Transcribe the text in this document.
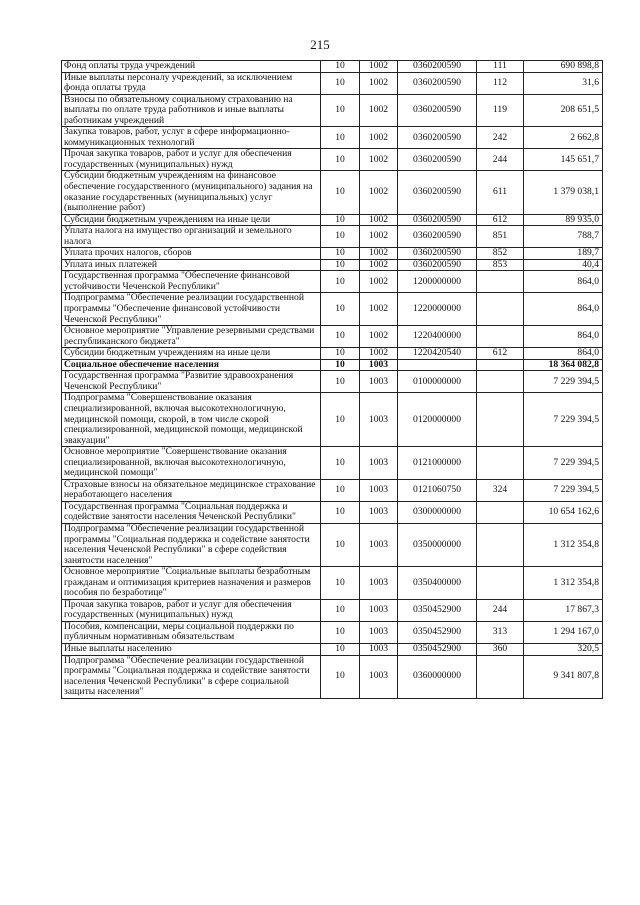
215
Фонд оплаты труда учреждений	10	1002	0360200590	111	690 898,8
Иные выплаты персоналу учреждений, за исключением фонда оплаты труда	10	1002	0360200590	112	31,6
Взносы по обязательному социальному страхованию на выплаты по оплате труда работников и иные выплаты работникам учреждений	10	1002	0360200590	119	208 651,5
Закупка товаров, работ, услуг в сфере информационно-коммуникационных технологий	10	1002	0360200590	242	2 662,8
Прочая закупка товаров, работ и услуг для обеспечения государственных (муниципальных) нужд	10	1002	0360200590	244	145 651,7
Субсидии бюджетным учреждениям на финансовое обеспечение государственного (муниципального) задания на оказание государственных (муниципальных) услуг (выполнение работ)	10	1002	0360200590	611	1 379 038,1
Субсидии бюджетным учреждениям на иные цели	10	1002	0360200590	612	89 935,0
Уплата налога на имущество организаций и земельного налога	10	1002	0360200590	851	788,7
Уплата прочих налогов, сборов	10	1002	0360200590	852	189,7
Уплата иных платежей	10	1002	0360200590	853	40,4
Государственная программа "Обеспечение финансовой устойчивости Чеченской Республики"	10	1002	1200000000		864,0
Подпрограмма "Обеспечение реализации государственной программы "Обеспечение финансовой устойчивости Чеченской Республики"	10	1002	1220000000		864,0
Основное мероприятие "Управление резервными средствами республиканского бюджета"	10	1002	1220400000		864,0
Субсидии бюджетным учреждениям на иные цели	10	1002	1220420540	612	864,0
Социальное обеспечение населения	10	1003			18 364 082,8
Государственная программа "Развитие здравоохранения Чеченской Республики"	10	1003	0100000000		7 229 394,5
Подпрограмма "Совершенствование оказания специализированной, включая высокотехнологичную, медицинской помощи, скорой, в том числе скорой специализированной, медицинской помощи, медицинской эвакуации"	10	1003	0120000000		7 229 394,5
Основное мероприятие "Совершенствование оказания специализированной, включая высокотехнологичную, медицинской помощи"	10	1003	0121000000		7 229 394,5
Страховые взносы на обязательное медицинское страхование неработающего населения	10	1003	0121060750	324	7 229 394,5
Государственная программа "Социальная поддержка и содействие занятости населения Чеченской Республики"	10	1003	0300000000		10 654 162,6
Подпрограмма "Обеспечение реализации государственной программы "Социальная поддержка и содействие занятости населения Чеченской Республики" в сфере содействия занятости населения"	10	1003	0350000000		1 312 354,8
Основное мероприятие "Социальные выплаты безработным гражданам и оптимизация критериев назначения и размеров пособия по безработице"	10	1003	0350400000		1 312 354,8
Прочая закупка товаров, работ и услуг для обеспечения государственных (муниципальных) нужд	10	1003	0350452900	244	17 867,3
Пособия, компенсации, меры социальной поддержки по публичным нормативным обязательствам	10	1003	0350452900	313	1 294 167,0
Иные выплаты населению	10	1003	0350452900	360	320,5
Подпрограмма "Обеспечение реализации государственной программы "Социальная поддержка и содействие занятости населения Чеченской Республики" в сфере социальной защиты населения"	10	1003	0360000000		9 341 807,8
